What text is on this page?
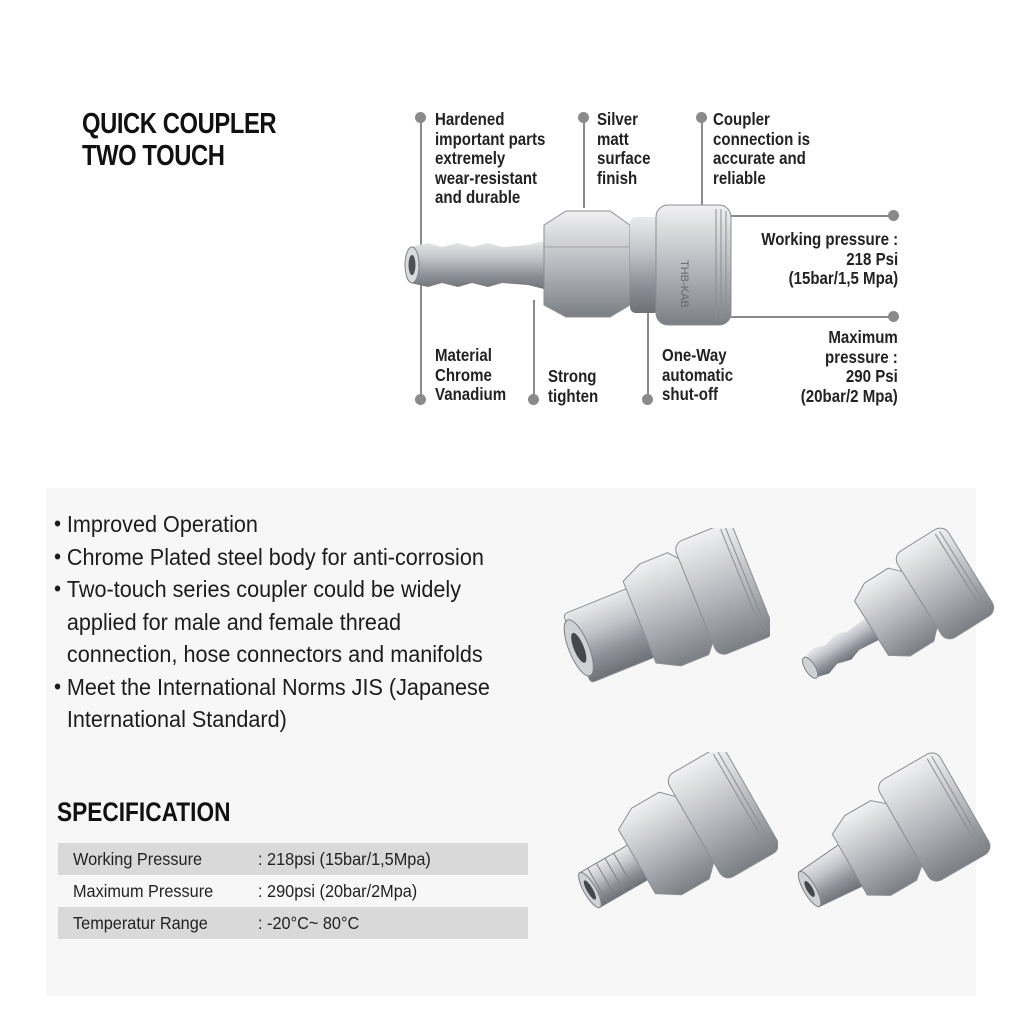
QUICK COUPLER
TWO TOUCH
THB-KAB
Hardened
important parts
extremely
wear-resistant
and durable
Silver
matt
surface
finish
Coupler
connection is
accurate and
reliable
Working pressure :
218 Psi
(15bar/1,5 Mpa)
Maximum
pressure :
290 Psi
(20bar/2 Mpa)
Material
Chrome
Vanadium
Strong
tighten
One-Way
automatic
shut-off
• Improved Operation
• Chrome Plated steel body for anti-corrosion
• Two-touch series coupler could be widely applied for male and female thread connection, hose connectors and manifolds
• Meet the International Norms JIS (Japanese International Standard)
SPECIFICATION
Working Pressure	: 218psi (15bar/1,5Mpa)
Maximum Pressure	: 290psi (20bar/2Mpa)
Temperatur Range	: -20°C~ 80°C
